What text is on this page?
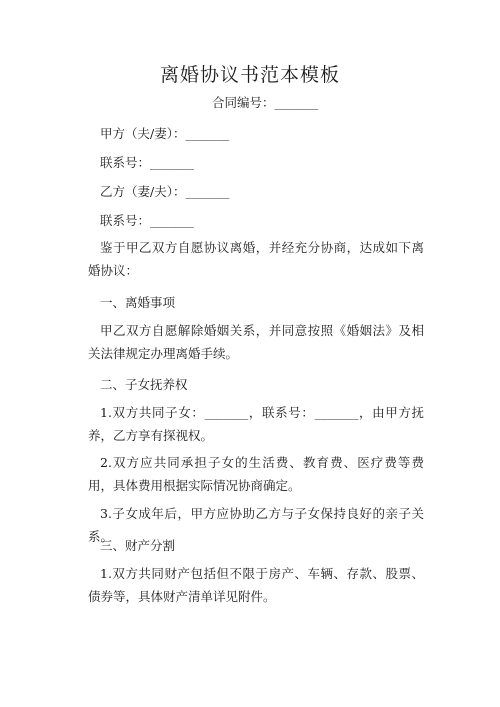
离婚协议书范本模板

合同编号：_______

甲方（夫/妻）：_______

联系号：_______

乙方（妻/夫）：_______

联系号：_______

鉴于甲乙双方自愿协议离婚，并经充分协商，达成如下离婚协议：

一、离婚事项

甲乙双方自愿解除婚姻关系，并同意按照《婚姻法》及相关法律规定办理离婚手续。

二、子女抚养权

1.双方共同子女：_______，联系号：_______，由甲方抚养，乙方享有探视权。

2.双方应共同承担子女的生活费、教育费、医疗费等费用，具体费用根据实际情况协商确定。

3.子女成年后，甲方应协助乙方与子女保持良好的亲子关系。

三、财产分割

1.双方共同财产包括但不限于房产、车辆、存款、股票、债券等，具体财产清单详见附件。
